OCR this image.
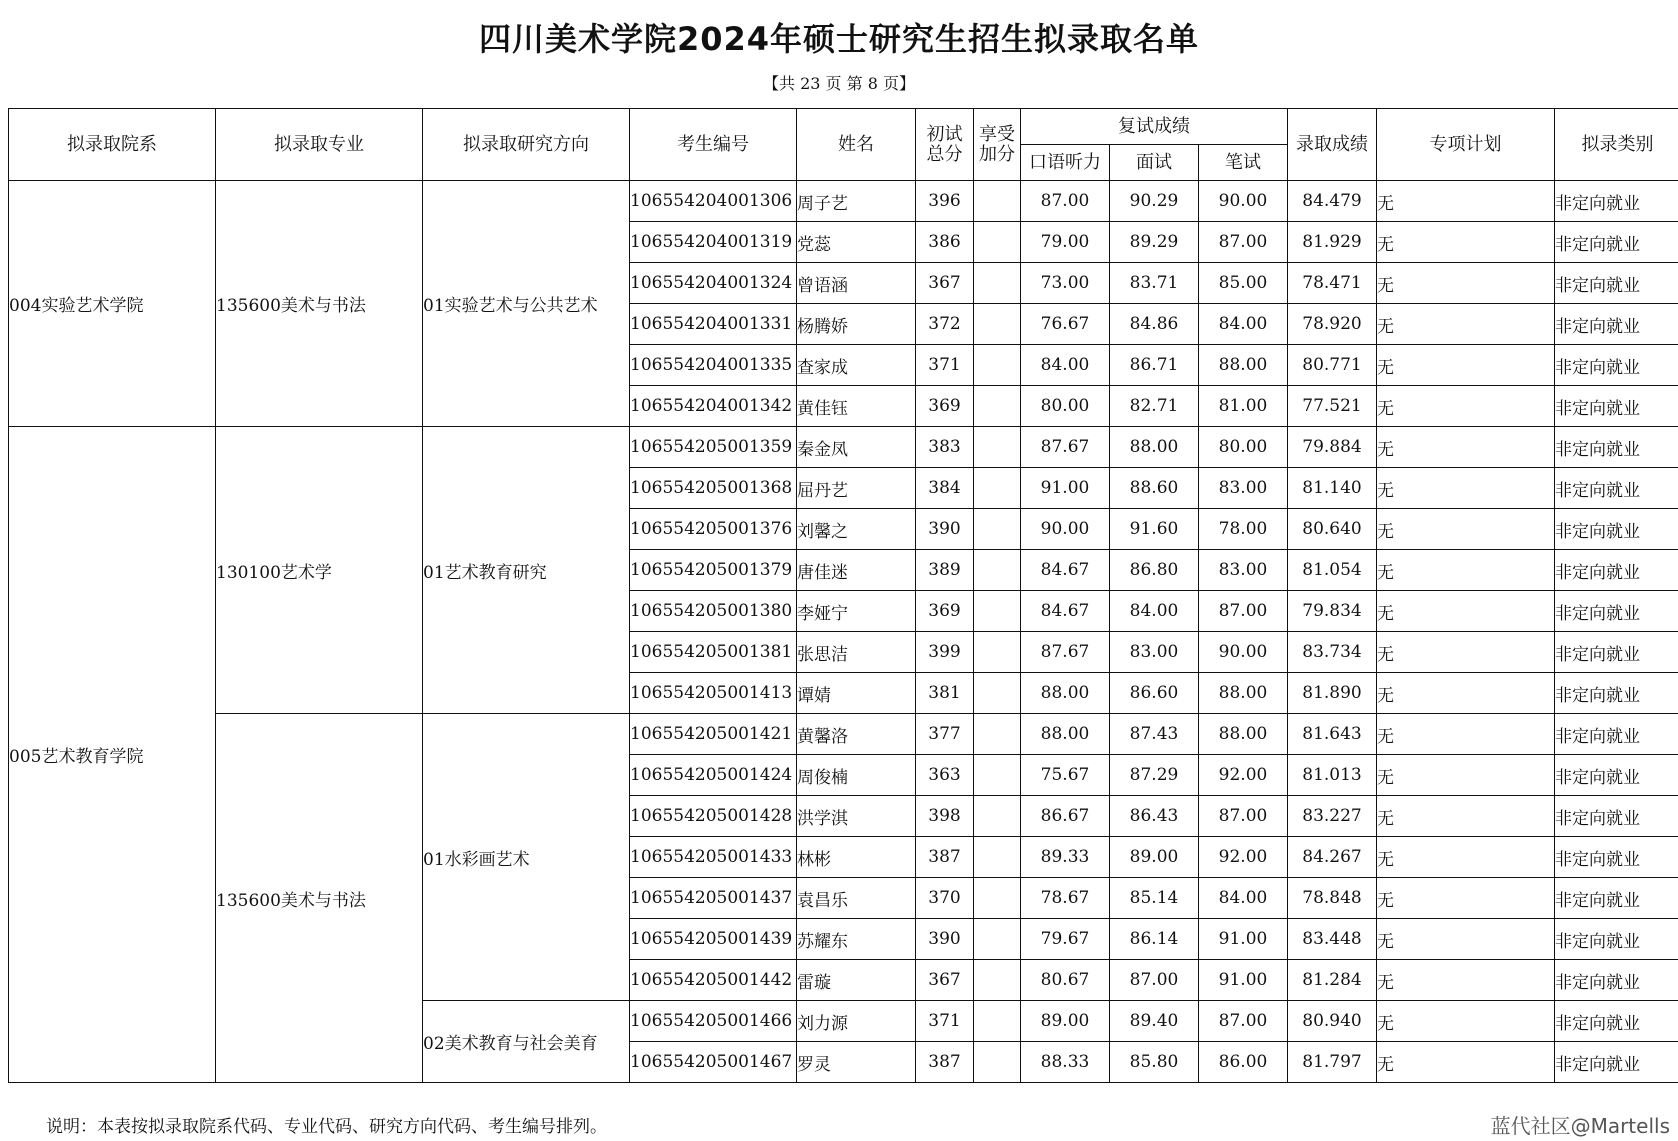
四川美术学院2024年硕士研究生招生拟录取名单
【共 23 页 第 8 页】
拟录取院系	拟录取专业	拟录取研究方向	考生编号	姓名	初试总分	享受加分	复试成绩			录取成绩	专项计划	拟录类别
							口语听力	面试	笔试			
004实验艺术学院	135600美术与书法	01实验艺术与公共艺术	106554204001306	周子艺	396		87.00	90.29	90.00	84.479	无	非定向就业
			106554204001319	党蕊	386		79.00	89.29	87.00	81.929	无	非定向就业
			106554204001324	曾语涵	367		73.00	83.71	85.00	78.471	无	非定向就业
			106554204001331	杨腾娇	372		76.67	84.86	84.00	78.920	无	非定向就业
			106554204001335	查家成	371		84.00	86.71	88.00	80.771	无	非定向就业
			106554204001342	黄佳钰	369		80.00	82.71	81.00	77.521	无	非定向就业
005艺术教育学院	130100艺术学	01艺术教育研究	106554205001359	秦金凤	383		87.67	88.00	80.00	79.884	无	非定向就业
			106554205001368	屈丹艺	384		91.00	88.60	83.00	81.140	无	非定向就业
			106554205001376	刘馨之	390		90.00	91.60	78.00	80.640	无	非定向就业
			106554205001379	唐佳迷	389		84.67	86.80	83.00	81.054	无	非定向就业
			106554205001380	李娅宁	369		84.67	84.00	87.00	79.834	无	非定向就业
			106554205001381	张思洁	399		87.67	83.00	90.00	83.734	无	非定向就业
			106554205001413	谭婧	381		88.00	86.60	88.00	81.890	无	非定向就业
	135600美术与书法	01水彩画艺术	106554205001421	黄馨洛	377		88.00	87.43	88.00	81.643	无	非定向就业
			106554205001424	周俊楠	363		75.67	87.29	92.00	81.013	无	非定向就业
			106554205001428	洪学淇	398		86.67	86.43	87.00	83.227	无	非定向就业
			106554205001433	林彬	387		89.33	89.00	92.00	84.267	无	非定向就业
			106554205001437	袁昌乐	370		78.67	85.14	84.00	78.848	无	非定向就业
			106554205001439	苏耀东	390		79.67	86.14	91.00	83.448	无	非定向就业
			106554205001442	雷璇	367		80.67	87.00	91.00	81.284	无	非定向就业
		02美术教育与社会美育	106554205001466	刘力源	371		89.00	89.40	87.00	80.940	无	非定向就业
			106554205001467	罗灵	387		88.33	85.80	86.00	81.797	无	非定向就业
说明：本表按拟录取院系代码、专业代码、研究方向代码、考生编号排列。	蓝代社区@Martells
